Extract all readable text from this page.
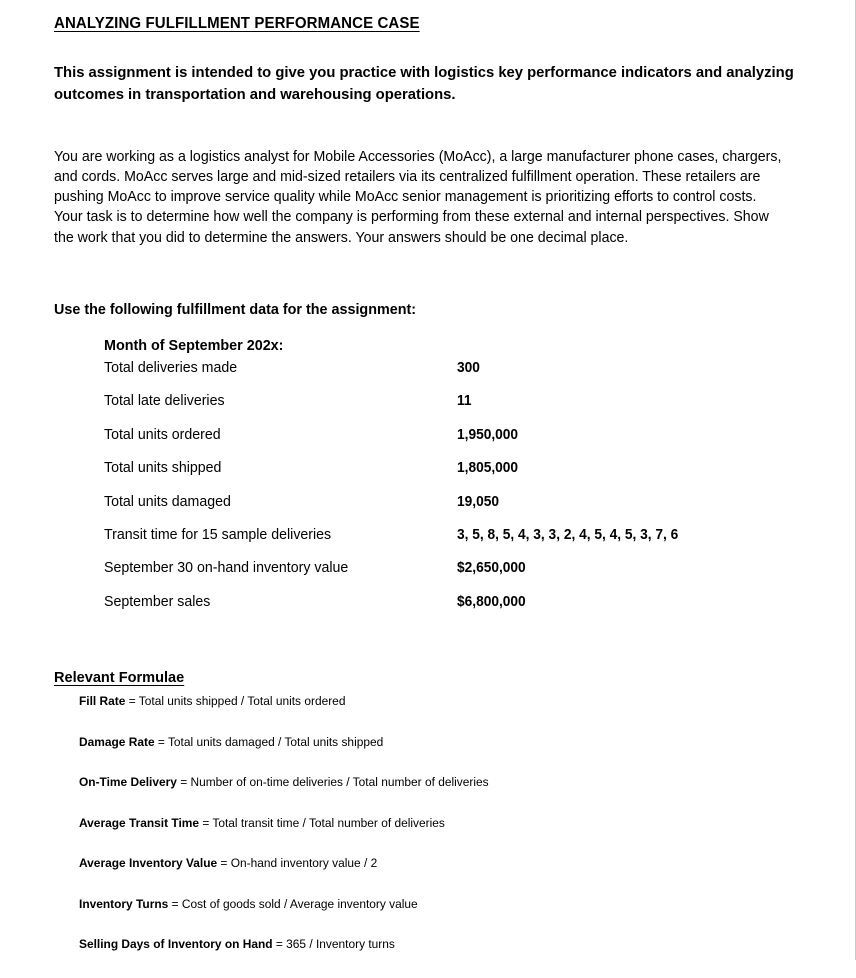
ANALYZING FULFILLMENT PERFORMANCE CASE

This assignment is intended to give you practice with logistics key performance indicators and analyzing outcomes in transportation and warehousing operations.

You are working as a logistics analyst for Mobile Accessories (MoAcc), a large manufacturer phone cases, chargers, and cords. MoAcc serves large and mid-sized retailers via its centralized fulfillment operation. These retailers are pushing MoAcc to improve service quality while MoAcc senior management is prioritizing efforts to control costs. Your task is to determine how well the company is performing from these external and internal perspectives. Show the work that you did to determine the answers. Your answers should be one decimal place.

Use the following fulfillment data for the assignment:

Month of September 202x:

Total deliveries made	300
Total late deliveries	11
Total units ordered	1,950,000
Total units shipped	1,805,000
Total units damaged	19,050
Transit time for 15 sample deliveries	3, 5, 8, 5, 4, 3, 3, 2, 4, 5, 4, 5, 3, 7, 6
September 30 on-hand inventory value	$2,650,000
September sales	$6,800,000
Relevant Formulae
Fill Rate = Total units shipped / Total units ordered
Damage Rate = Total units damaged / Total units shipped
On-Time Delivery = Number of on-time deliveries / Total number of deliveries
Average Transit Time = Total transit time / Total number of deliveries
Average Inventory Value = On-hand inventory value / 2
Inventory Turns = Cost of goods sold / Average inventory value
Selling Days of Inventory on Hand = 365 / Inventory turns
